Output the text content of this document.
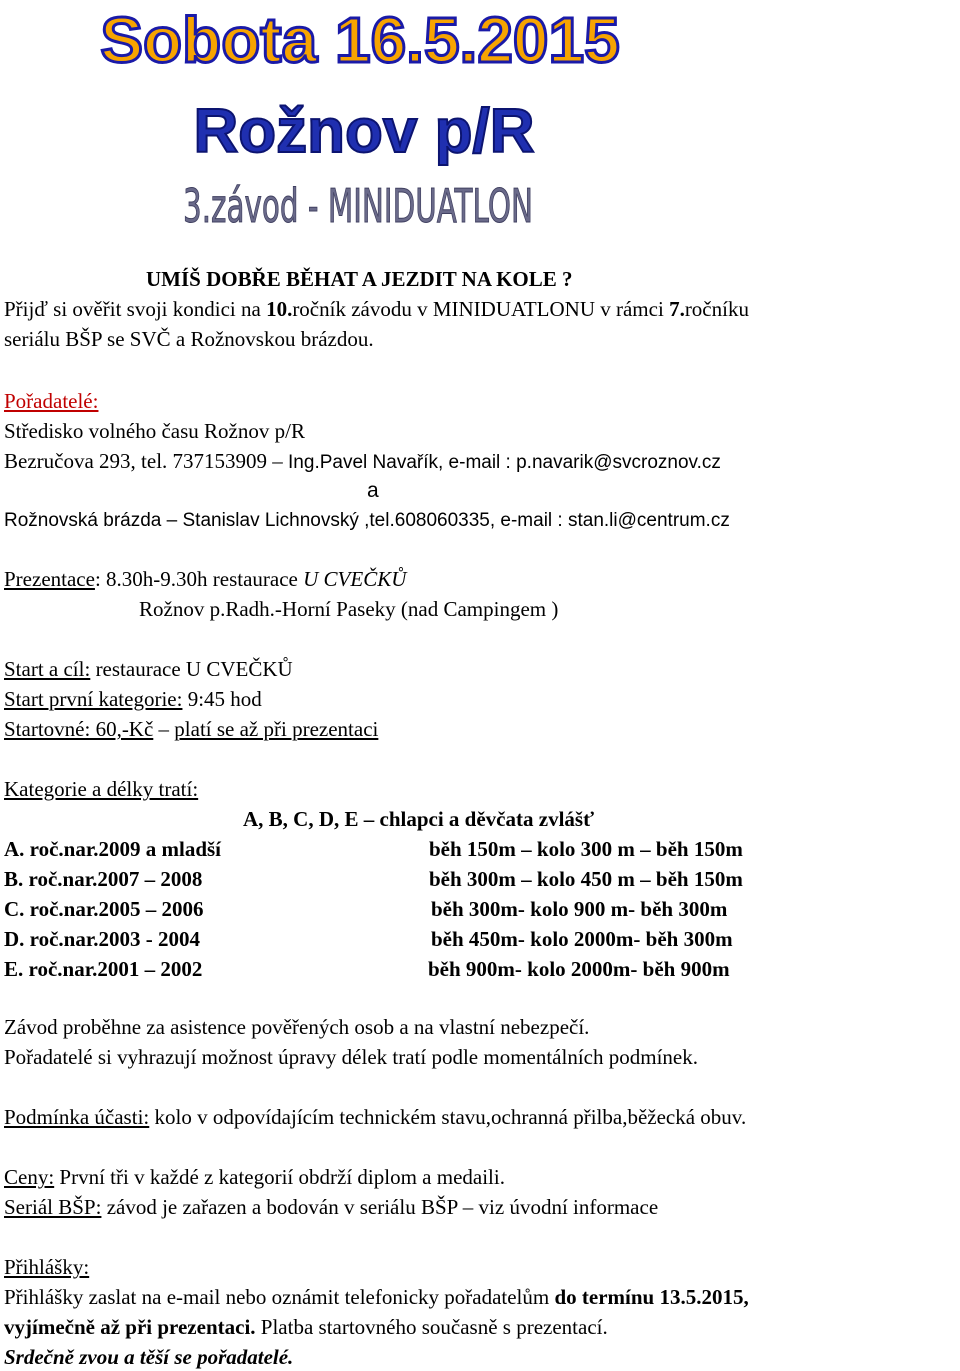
Sobota 16.5.2015
Rožnov p/R
3.závod - MINIDUATLON
UMÍŠ DOBŘE BĚHAT A JEZDIT NA KOLE ?
Přijď si ověřit svoji kondici na 10.ročník závodu v MINIDUATLONU v rámci 7.ročníku
seriálu BŠP se SVČ a Rožnovskou brázdou.
Pořadatelé:
Středisko volného času Rožnov p/R
Bezručova 293, tel. 737153909 – Ing.Pavel Navařík, e-mail : p.navarik@svcroznov.cz
a
Rožnovská brázda – Stanislav Lichnovský ,tel.608060335, e-mail : stan.li@centrum.cz
Prezentace: 8.30h-9.30h restaurace U CVEČKŮ
Rožnov p.Radh.-Horní Paseky (nad Campingem )
Start a cíl: restaurace U CVEČKŮ
Start první kategorie: 9:45 hod
Startovné: 60,-Kč – platí se až při prezentaci
Kategorie a délky tratí:
A, B, C, D, E – chlapci a děvčata zvlášť
A. roč.nar.2009 a mladší	běh 150m – kolo 300 m – běh 150m
B. roč.nar.2007 – 2008	běh 300m – kolo 450 m – běh 150m
C. roč.nar.2005 – 2006	běh 300m- kolo 900 m- běh 300m
D. roč.nar.2003 - 2004	běh 450m- kolo 2000m- běh 300m
E. roč.nar.2001 – 2002	běh 900m- kolo 2000m- běh 900m
Závod proběhne za asistence pověřených osob a na vlastní nebezpečí.
Pořadatelé si vyhrazují možnost úpravy délek tratí podle momentálních podmínek.
Podmínka účasti: kolo v odpovídajícím technickém stavu,ochranná přilba,běžecká obuv.
Ceny: První tři v každé z kategorií obdrží diplom a medaili.
Seriál BŠP: závod je zařazen a bodován v seriálu BŠP – viz úvodní informace
Přihlášky:
Přihlášky zaslat na e-mail nebo oznámit telefonicky pořadatelům do termínu 13.5.2015,
vyjímečně až při prezentaci. Platba startovného současně s prezentací.
Srdečně zvou a těší se pořadatelé.
